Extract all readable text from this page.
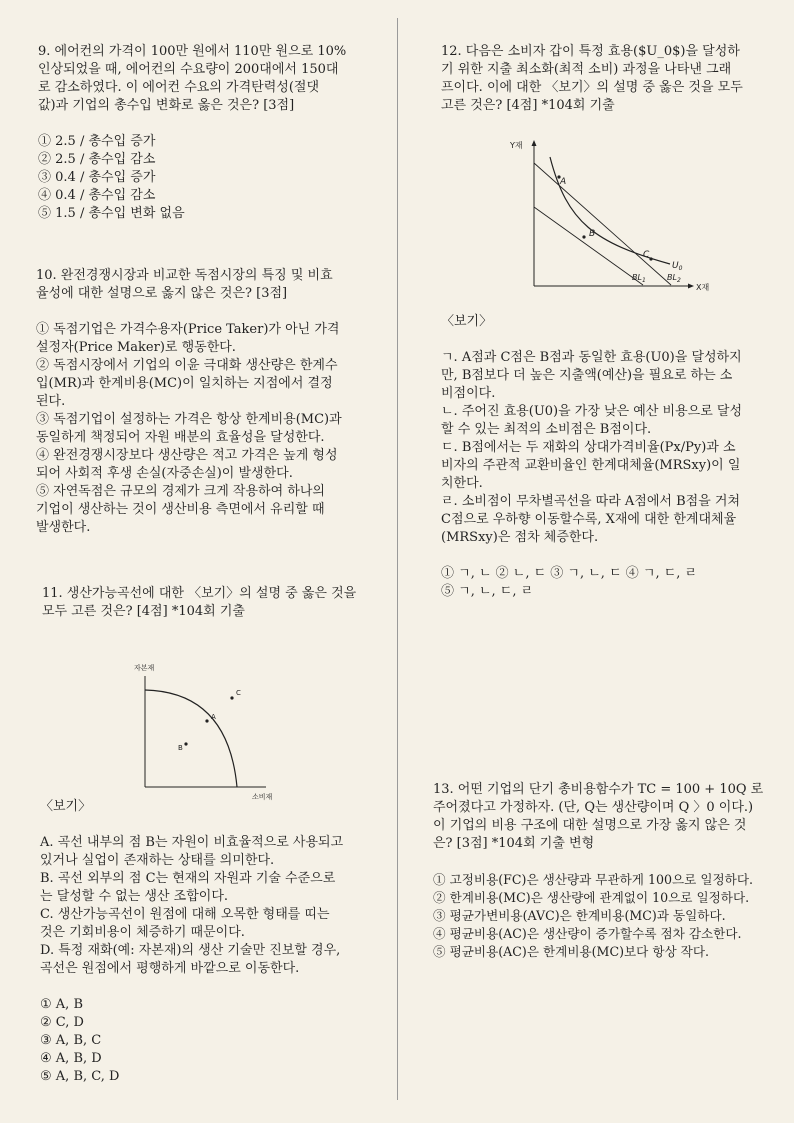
9. 에어컨의 가격이 100만 원에서 110만 원으로 10%

인상되었을 때, 에어컨의 수요량이 200대에서 150대

로 감소하였다. 이 에어컨 수요의 가격탄력성(절댓

값)과 기업의 총수입 변화로 옳은 것은? [3점]

① 2.5 / 총수입 증가
② 2.5 / 총수입 감소
③ 0.4 / 총수입 증가
④ 0.4 / 총수입 감소
⑤ 1.5 / 총수입 변화 없음

10. 완전경쟁시장과 비교한 독점시장의 특징 및 비효

율성에 대한 설명으로 옳지 않은 것은? [3점]

① 독점기업은 가격수용자(Price Taker)가 아닌 가격
설정자(Price Maker)로 행동한다.
② 독점시장에서 기업의 이윤 극대화 생산량은 한계수
입(MR)과 한계비용(MC)이 일치하는 지점에서 결정
된다.
③ 독점기업이 설정하는 가격은 항상 한계비용(MC)과
동일하게 책정되어 자원 배분의 효율성을 달성한다.
④ 완전경쟁시장보다 생산량은 적고 가격은 높게 형성
되어 사회적 후생 손실(자중손실)이 발생한다.
⑤ 자연독점은 규모의 경제가 크게 작용하여 하나의
기업이 생산하는 것이 생산비용 측면에서 유리할 때
발생한다.

11. 생산가능곡선에 대한 〈보기〉의 설명 중 옳은 것을

모두 고른 것은? [4점] *104회 기출

자본재
C
A
B
소비재

〈보기〉

A. 곡선 내부의 점 B는 자원이 비효율적으로 사용되고
있거나 실업이 존재하는 상태를 의미한다.
B. 곡선 외부의 점 C는 현재의 자원과 기술 수준으로
는 달성할 수 없는 생산 조합이다.
C. 생산가능곡선이 원점에 대해 오목한 형태를 띠는
것은 기회비용이 체증하기 때문이다.
D. 특정 재화(예: 자본재)의 생산 기술만 진보할 경우,
곡선은 원점에서 평행하게 바깥으로 이동한다.
① A, B
② C, D
③ A, B, C
④ A, B, D
⑤ A, B, C, D

12. 다음은 소비자 갑이 특정 효용($U_0$)을 달성하

기 위한 지출 최소화(최적 소비) 과정을 나타낸 그래

프이다. 이에 대한 〈보기〉의 설명 중 옳은 것을 모두

고른 것은? [4점] *104회 기출

Y재
X재
A
B
C
$U_0$
$BL_1$	$BL_2$

〈보기〉

ㄱ. A점과 C점은 B점과 동일한 효용(U0)을 달성하지
만, B점보다 더 높은 지출액(예산)을 필요로 하는 소
비점이다.
ㄴ. 주어진 효용(U0)을 가장 낮은 예산 비용으로 달성
할 수 있는 최적의 소비점은 B점이다.
ㄷ. B점에서는 두 재화의 상대가격비율(Px/Py)과 소
비자의 주관적 교환비율인 한계대체율(MRSxy)이 일
치한다.
ㄹ. 소비점이 무차별곡선을 따라 A점에서 B점을 거쳐
C점으로 우하향 이동할수록, X재에 대한 한계대체율
(MRSxy)은 점차 체증한다.
① ㄱ, ㄴ ② ㄴ, ㄷ ③ ㄱ, ㄴ, ㄷ ④ ㄱ, ㄷ, ㄹ
⑤ ㄱ, ㄴ, ㄷ, ㄹ

13. 어떤 기업의 단기 총비용함수가 TC = 100 + 10Q 로

주어졌다고 가정하자. (단, Q는 생산량이며 Q 〉0 이다.)

이 기업의 비용 구조에 대한 설명으로 가장 옳지 않은 것

은? [3점] *104회 기출 변형

① 고정비용(FC)은 생산량과 무관하게 100으로 일정하다.
② 한계비용(MC)은 생산량에 관계없이 10으로 일정하다.
③ 평균가변비용(AVC)은 한계비용(MC)과 동일하다.
④ 평균비용(AC)은 생산량이 증가할수록 점차 감소한다.
⑤ 평균비용(AC)은 한계비용(MC)보다 항상 작다.
